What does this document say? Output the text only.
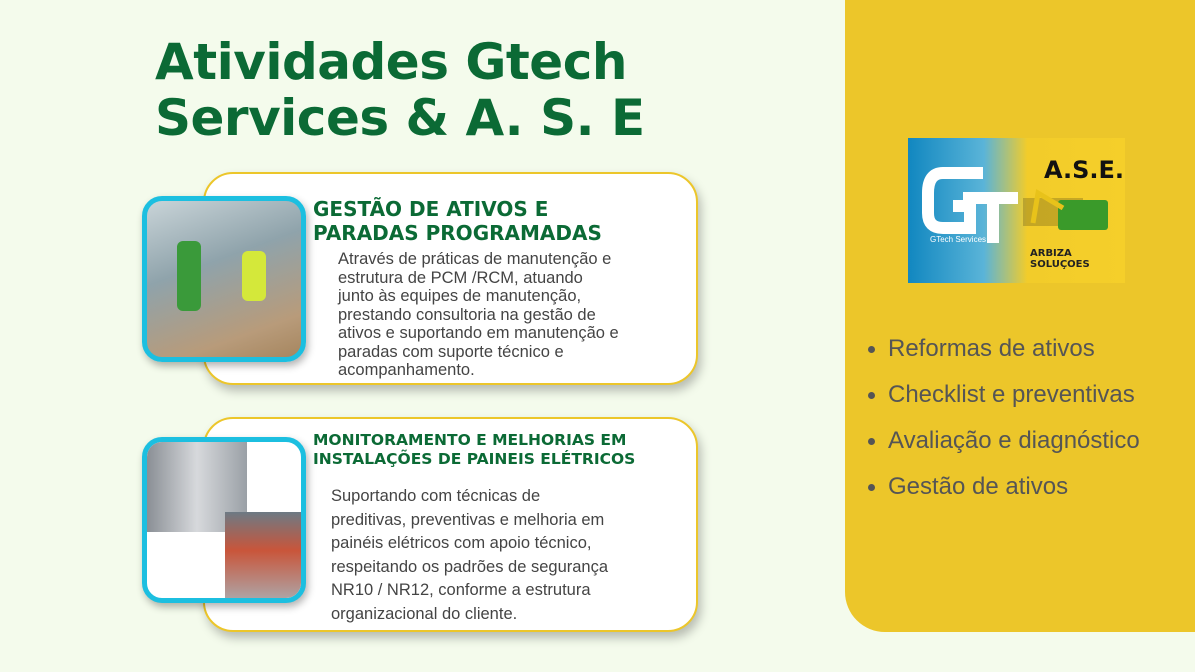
Atividades Gtech
Services & A. S. E
GESTÃO DE ATIVOS E
PARADAS PROGRAMADAS
Através de práticas de manutenção e
estrutura de PCM /RCM, atuando
junto às equipes de manutenção,
prestando consultoria na gestão de
ativos e suportando em manutenção e
paradas com suporte técnico e
acompanhamento.
MONITORAMENTO E MELHORIAS EM
INSTALAÇÕES DE PAINEIS ELÉTRICOS
Suportando com técnicas de
preditivas, preventivas e melhoria em
painéis elétricos com apoio técnico,
respeitando os padrões de segurança
NR10 / NR12, conforme a estrutura
organizacional do cliente.
GTech Services
A.S.E.
ARBIZA SOLUÇOES
Reformas de ativos
Checklist e preventivas
Avaliação e diagnóstico
Gestão de ativos
